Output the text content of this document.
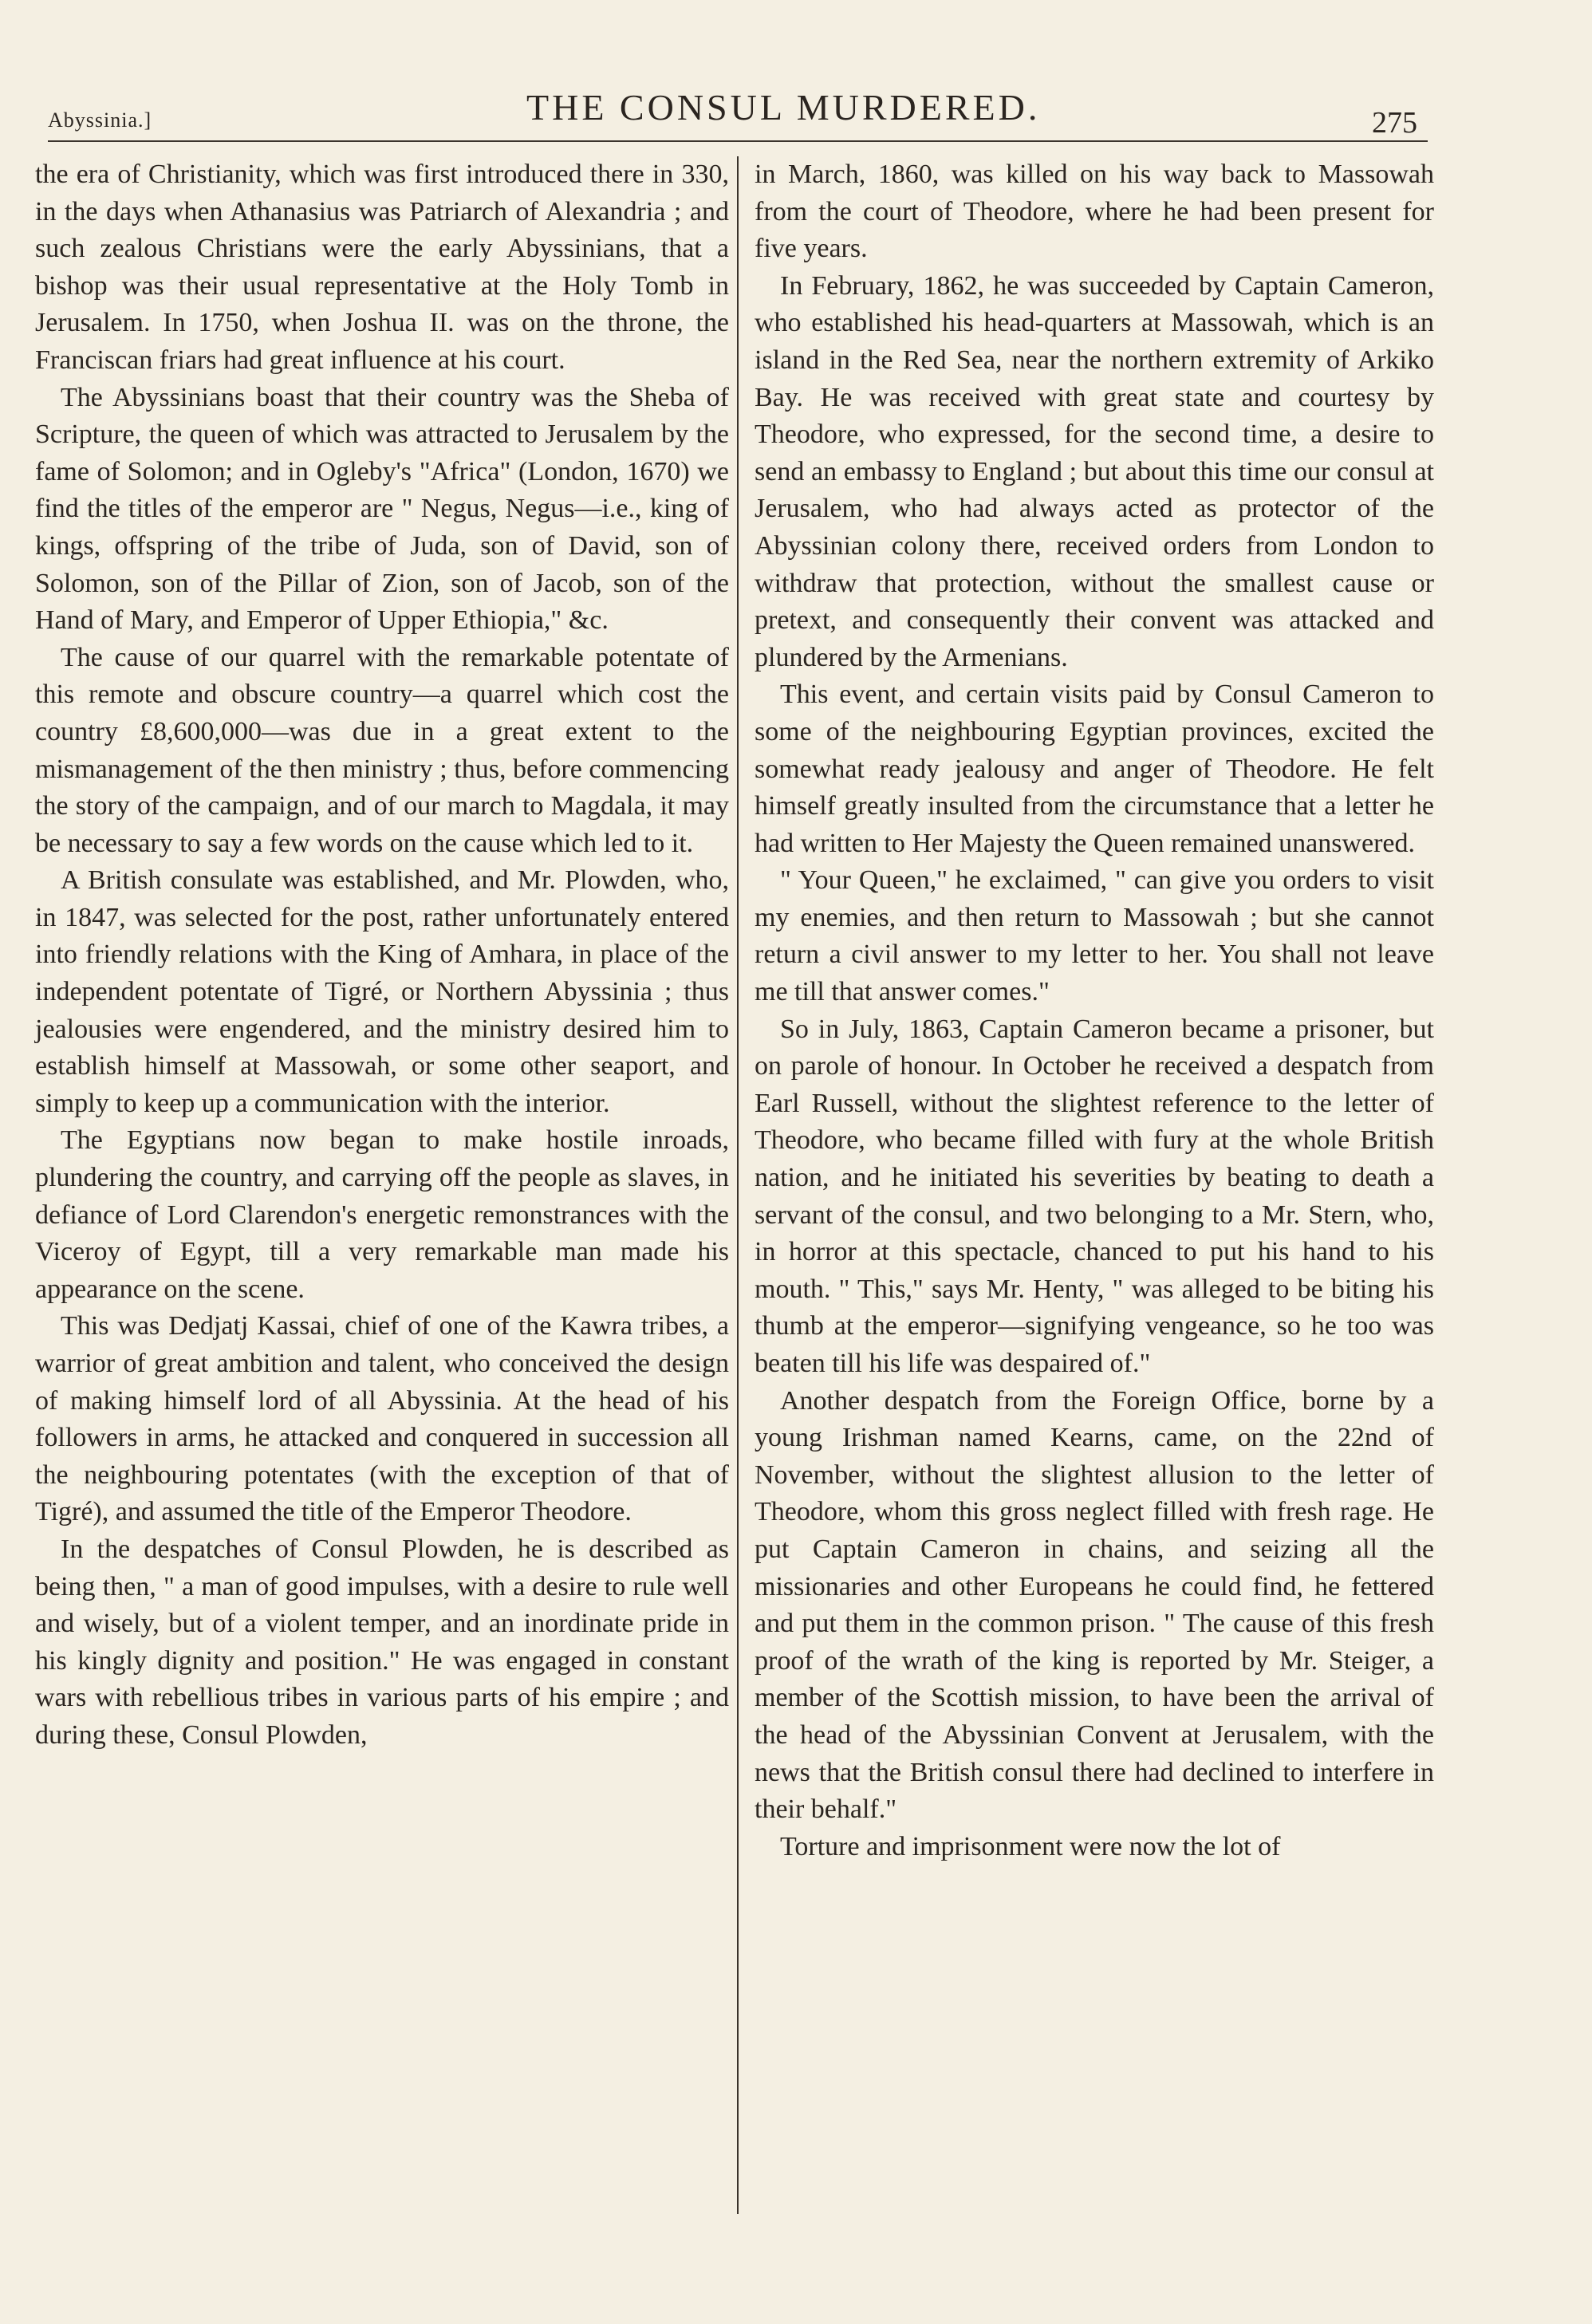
Abyssinia.]	THE CONSUL MURDERED.	275

the era of Christianity, which was first introduced there in 330, in the days when Athanasius was Patriarch of Alexandria ; and such zealous Christians were the early Abyssinians, that a bishop was their usual representative at the Holy Tomb in Jerusalem. In 1750, when Joshua II. was on the throne, the Franciscan friars had great influence at his court.

The Abyssinians boast that their country was the Sheba of Scripture, the queen of which was attracted to Jerusalem by the fame of Solomon; and in Ogleby's "Africa" (London, 1670) we find the titles of the emperor are " Negus, Negus—i.e., king of kings, offspring of the tribe of Juda, son of David, son of Solomon, son of the Pillar of Zion, son of Jacob, son of the Hand of Mary, and Emperor of Upper Ethiopia," &c.

The cause of our quarrel with the remarkable potentate of this remote and obscure country—a quarrel which cost the country £8,600,000—was due in a great extent to the mismanagement of the then ministry ; thus, before commencing the story of the campaign, and of our march to Magdala, it may be necessary to say a few words on the cause which led to it.

A British consulate was established, and Mr. Plowden, who, in 1847, was selected for the post, rather unfortunately entered into friendly relations with the King of Amhara, in place of the independent potentate of Tigré, or Northern Abyssinia ; thus jealousies were engendered, and the ministry desired him to establish himself at Massowah, or some other seaport, and simply to keep up a communication with the interior.

The Egyptians now began to make hostile inroads, plundering the country, and carrying off the people as slaves, in defiance of Lord Clarendon's energetic remonstrances with the Viceroy of Egypt, till a very remarkable man made his appearance on the scene.

This was Dedjatj Kassai, chief of one of the Kawra tribes, a warrior of great ambition and talent, who conceived the design of making himself lord of all Abyssinia. At the head of his followers in arms, he attacked and conquered in succession all the neighbouring potentates (with the exception of that of Tigré), and assumed the title of the Emperor Theodore.

In the despatches of Consul Plowden, he is described as being then, " a man of good impulses, with a desire to rule well and wisely, but of a violent temper, and an inordinate pride in his kingly dignity and position." He was engaged in constant wars with rebellious tribes in various parts of his empire ; and during these, Consul Plowden,

in March, 1860, was killed on his way back to Massowah from the court of Theodore, where he had been present for five years.

In February, 1862, he was succeeded by Captain Cameron, who established his head-quarters at Massowah, which is an island in the Red Sea, near the northern extremity of Arkiko Bay. He was received with great state and courtesy by Theodore, who expressed, for the second time, a desire to send an embassy to England ; but about this time our consul at Jerusalem, who had always acted as protector of the Abyssinian colony there, received orders from London to withdraw that protection, without the smallest cause or pretext, and consequently their convent was attacked and plundered by the Armenians.

This event, and certain visits paid by Consul Cameron to some of the neighbouring Egyptian provinces, excited the somewhat ready jealousy and anger of Theodore. He felt himself greatly insulted from the circumstance that a letter he had written to Her Majesty the Queen remained unanswered.

" Your Queen," he exclaimed, " can give you orders to visit my enemies, and then return to Massowah ; but she cannot return a civil answer to my letter to her. You shall not leave me till that answer comes."

So in July, 1863, Captain Cameron became a prisoner, but on parole of honour. In October he received a despatch from Earl Russell, without the slightest reference to the letter of Theodore, who became filled with fury at the whole British nation, and he initiated his severities by beating to death a servant of the consul, and two belonging to a Mr. Stern, who, in horror at this spectacle, chanced to put his hand to his mouth. " This," says Mr. Henty, " was alleged to be biting his thumb at the emperor—signifying vengeance, so he too was beaten till his life was despaired of."

Another despatch from the Foreign Office, borne by a young Irishman named Kearns, came, on the 22nd of November, without the slightest allusion to the letter of Theodore, whom this gross neglect filled with fresh rage. He put Captain Cameron in chains, and seizing all the missionaries and other Europeans he could find, he fettered and put them in the common prison. " The cause of this fresh proof of the wrath of the king is reported by Mr. Steiger, a member of the Scottish mission, to have been the arrival of the head of the Abyssinian Convent at Jerusalem, with the news that the British consul there had declined to interfere in their behalf."

Torture and imprisonment were now the lot of
